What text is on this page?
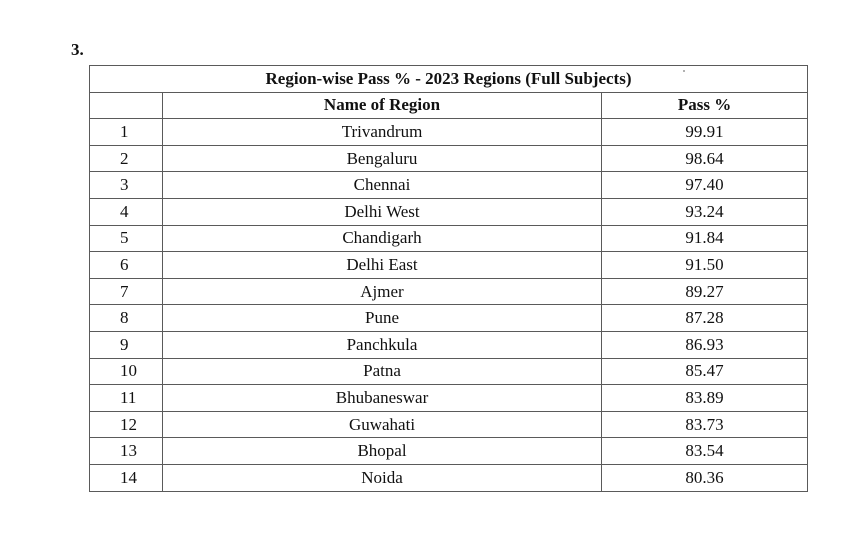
3.
Region-wise Pass % - 2023 Regions (Full Subjects)		
	Name of Region	Pass %
1	Trivandrum	99.91
2	Bengaluru	98.64
3	Chennai	97.40
4	Delhi West	93.24
5	Chandigarh	91.84
6	Delhi East	91.50
7	Ajmer	89.27
8	Pune	87.28
9	Panchkula	86.93
10	Patna	85.47
11	Bhubaneswar	83.89
12	Guwahati	83.73
13	Bhopal	83.54
14	Noida	80.36
